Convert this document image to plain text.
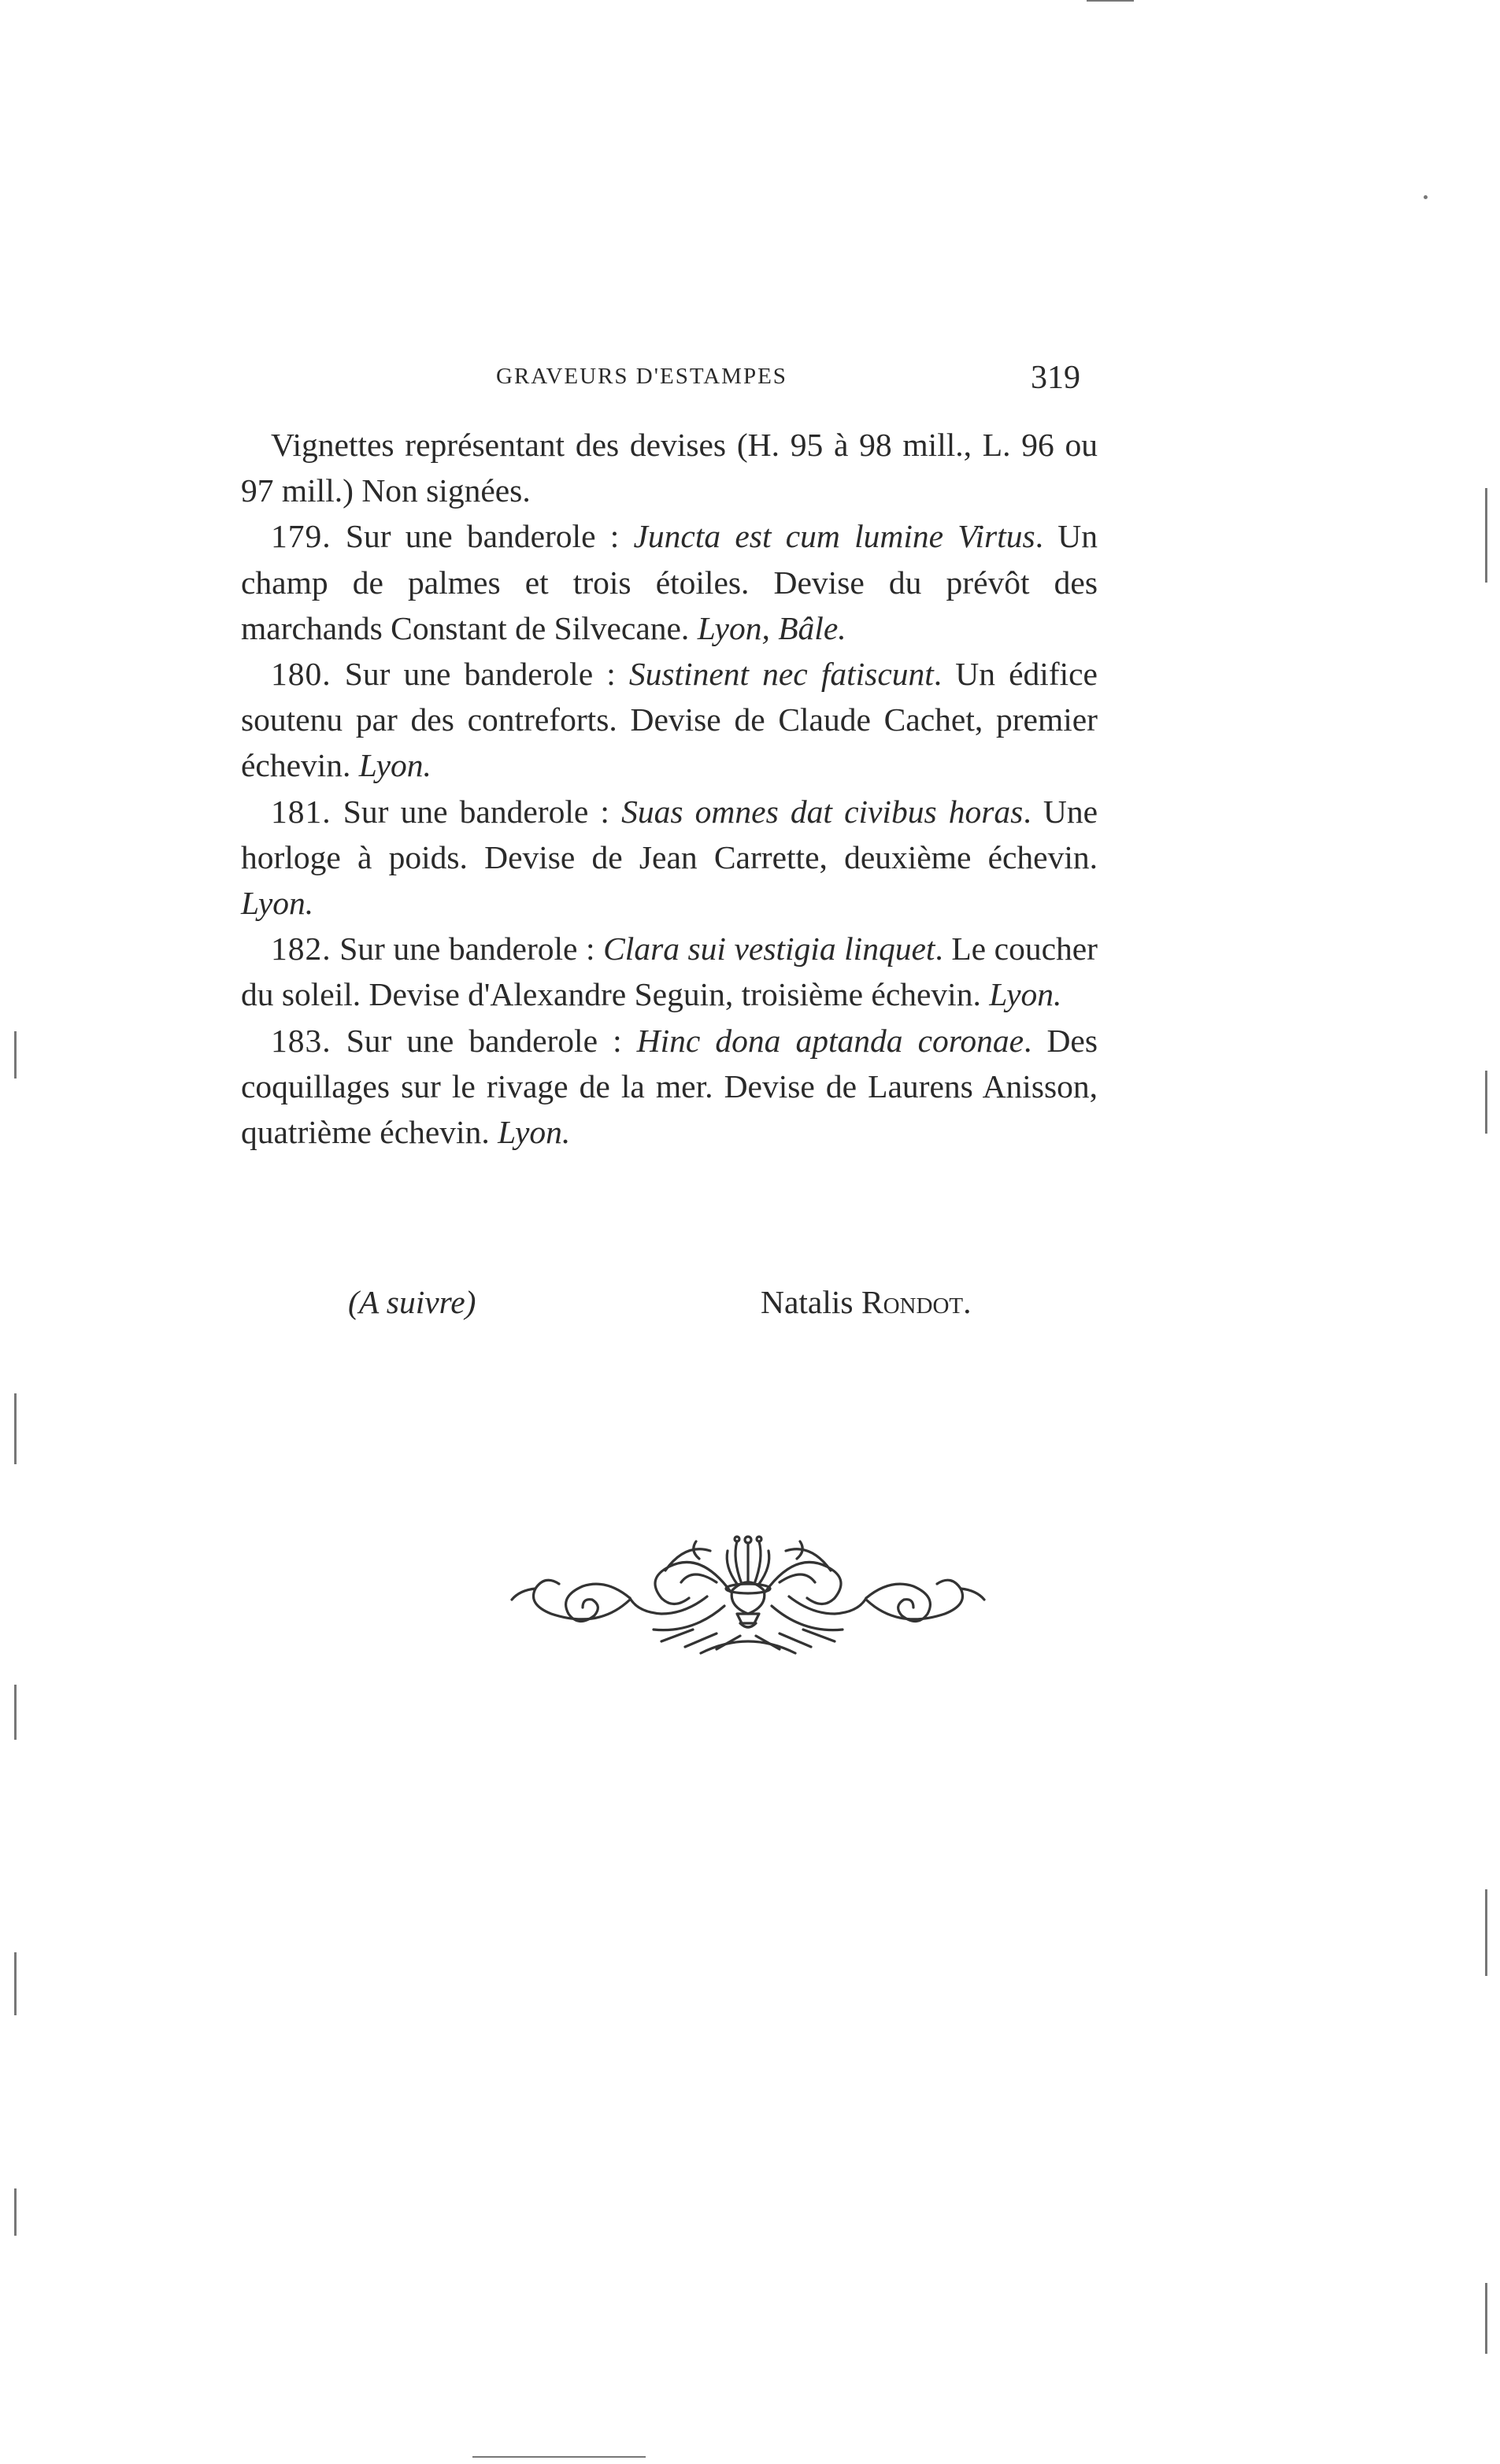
GRAVEURS D'ESTAMPES	319

Vignettes représentant des devises (H. 95 à 98 mill., L. 96 ou 97 mill.) Non signées.

179. Sur une banderole : Juncta est cum lumine Virtus. Un champ de palmes et trois étoiles. Devise du prévôt des marchands Constant de Silvecane. Lyon, Bâle.

180. Sur une banderole : Sustinent nec fatiscunt. Un édifice soutenu par des contreforts. Devise de Claude Cachet, premier échevin. Lyon.

181. Sur une banderole : Suas omnes dat civibus horas. Une horloge à poids. Devise de Jean Carrette, deuxième échevin. Lyon.

182. Sur une banderole : Clara sui vestigia linquet. Le coucher du soleil. Devise d'Alexandre Seguin, troisième échevin. Lyon.

183. Sur une banderole : Hinc dona aptanda coronae. Des coquillages sur le rivage de la mer. Devise de Laurens Anisson, quatrième échevin. Lyon.

(A suivre)	Natalis Rondot.
